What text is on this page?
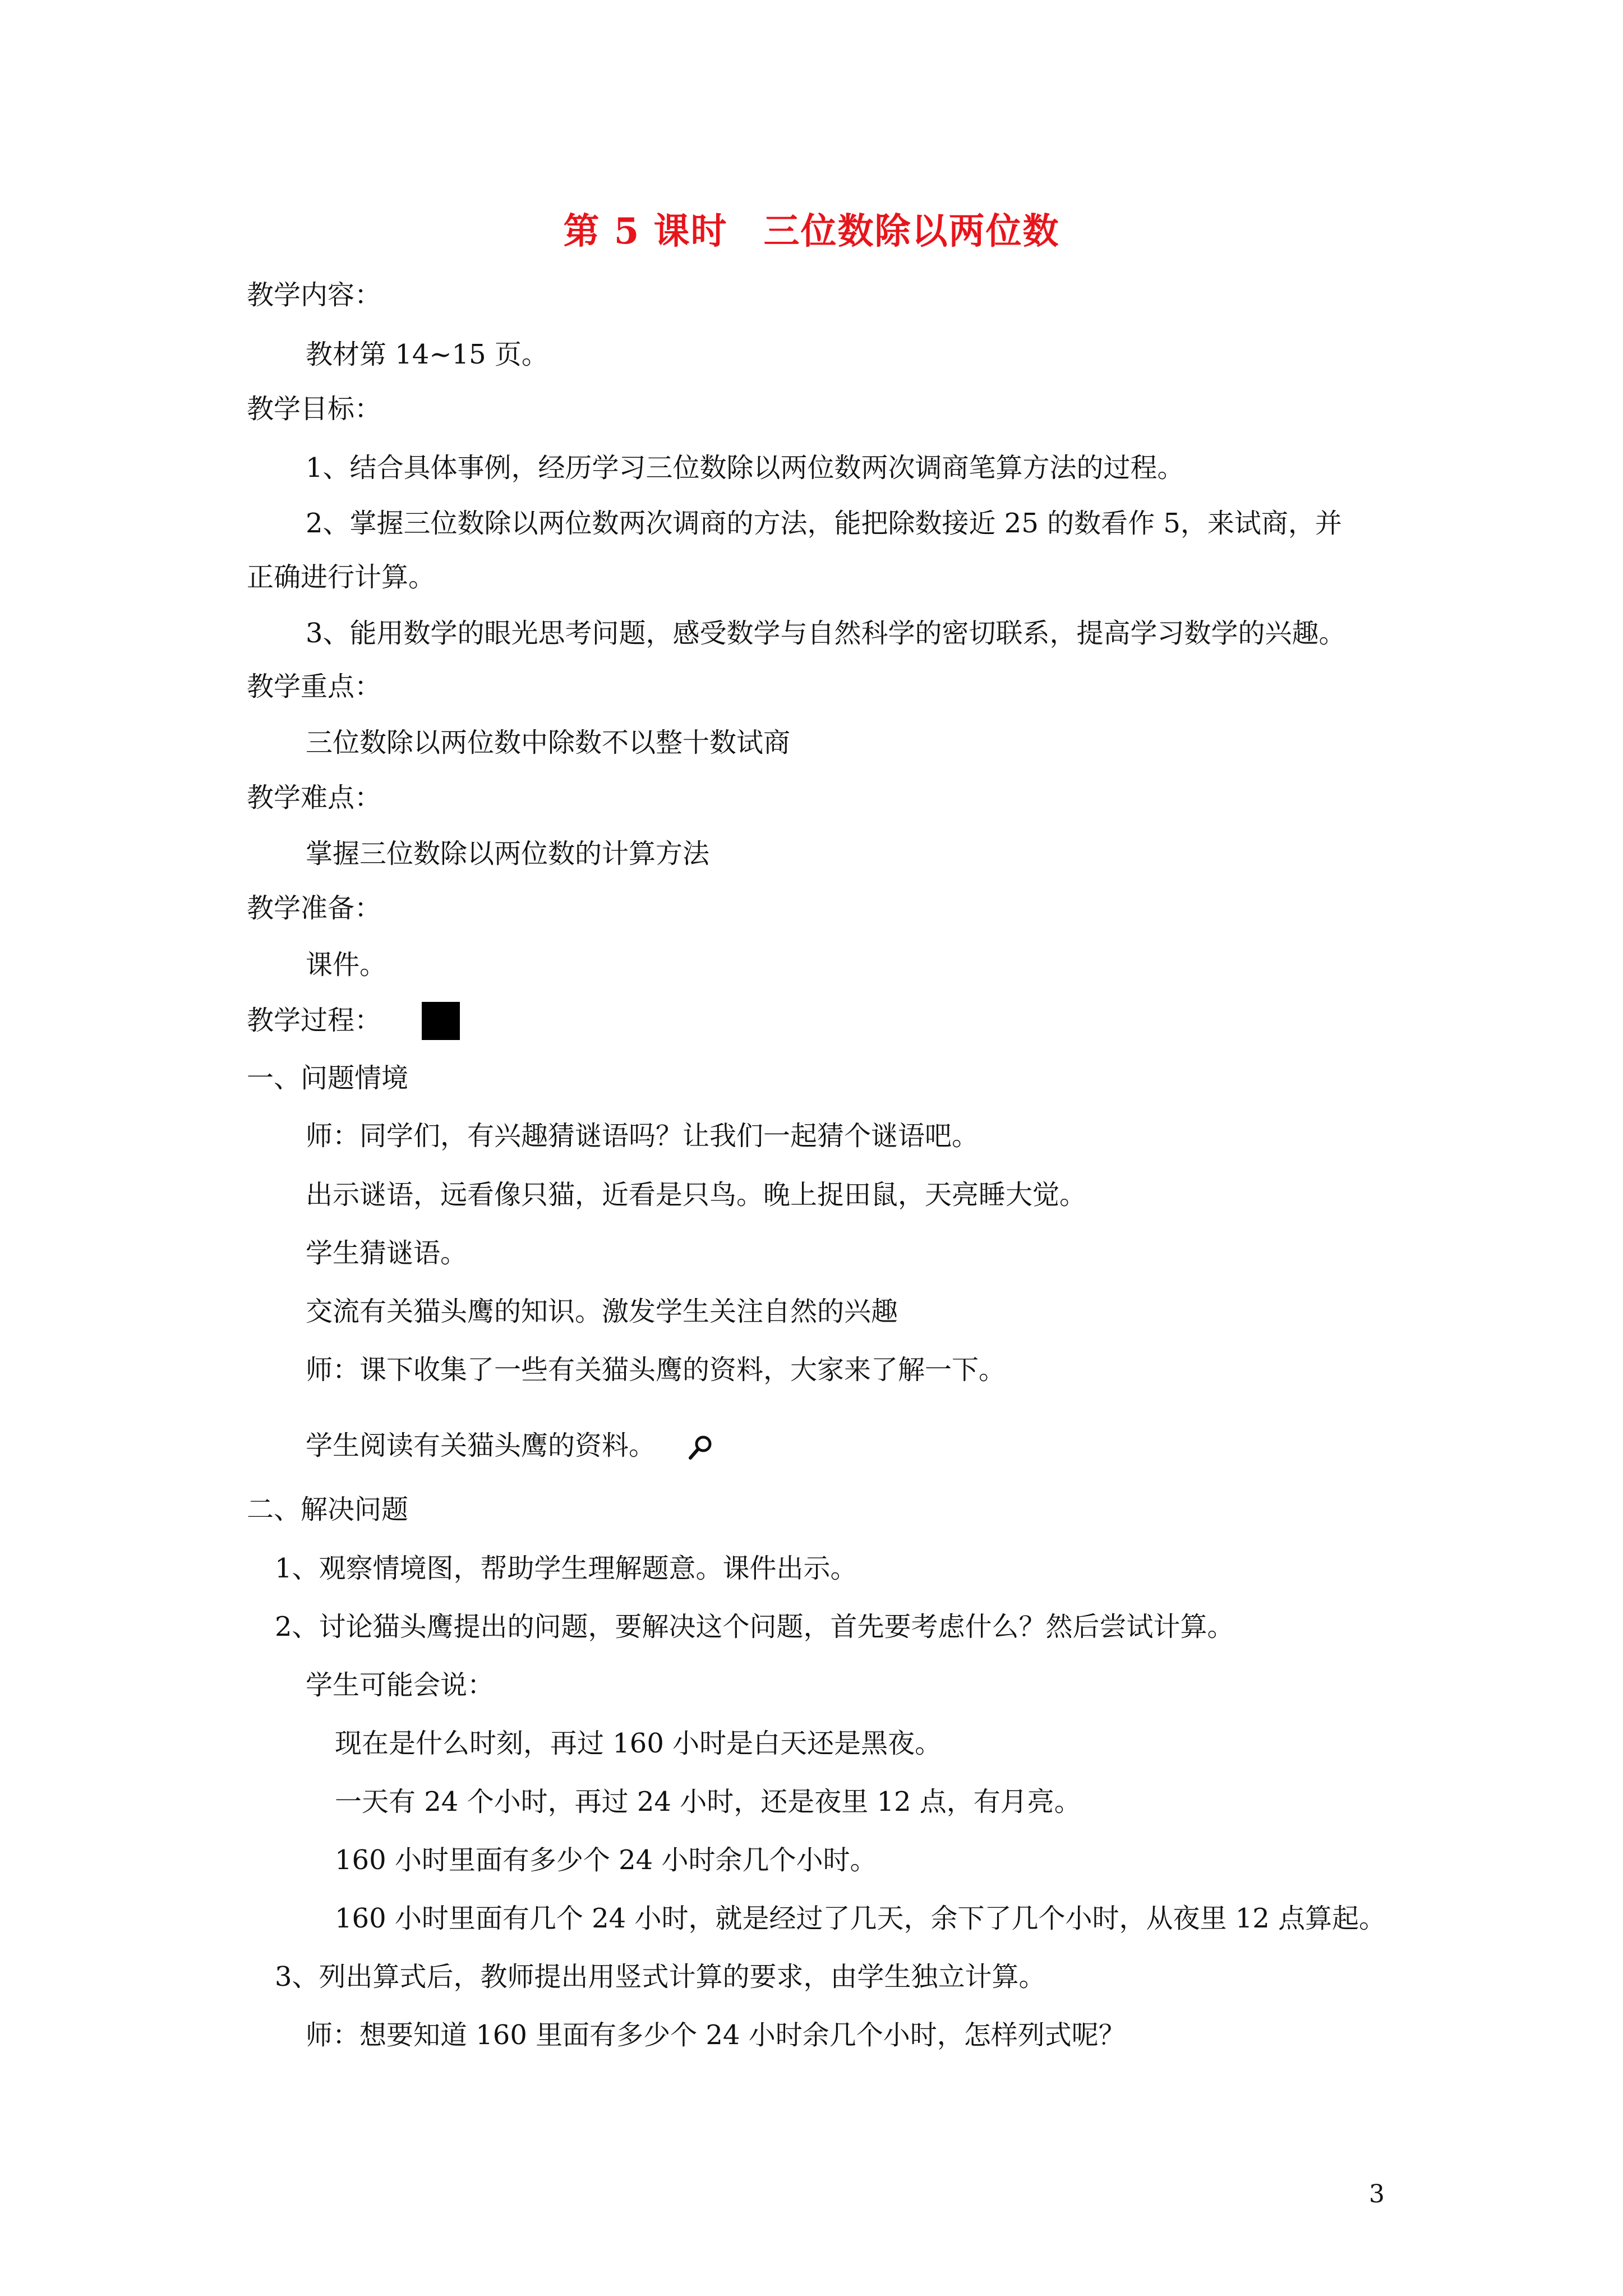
第 5 课时 三位数除以两位数
教学内容：
教材第 14~15 页。
教学目标：
1、结合具体事例，经历学习三位数除以两位数两次调商笔算方法的过程。
2、掌握三位数除以两位数两次调商的方法，能把除数接近 25 的数看作 5，来试商，并
正确进行计算。
3、能用数学的眼光思考问题，感受数学与自然科学的密切联系，提高学习数学的兴趣。
教学重点：
三位数除以两位数中除数不以整十数试商
教学难点：
掌握三位数除以两位数的计算方法
教学准备：
课件。
教学过程：
一、问题情境
师：同学们，有兴趣猜谜语吗？让我们一起猜个谜语吧。
出示谜语，远看像只猫，近看是只鸟。晚上捉田鼠，天亮睡大觉。
学生猜谜语。
交流有关猫头鹰的知识。激发学生关注自然的兴趣
师：课下收集了一些有关猫头鹰的资料，大家来了解一下。
学生阅读有关猫头鹰的资料。
二、解决问题
1、观察情境图，帮助学生理解题意。课件出示。
2、讨论猫头鹰提出的问题，要解决这个问题，首先要考虑什么？然后尝试计算。
学生可能会说：
现在是什么时刻，再过 160 小时是白天还是黑夜。
一天有 24 个小时，再过 24 小时，还是夜里 12 点，有月亮。
160 小时里面有多少个 24 小时余几个小时。
160 小时里面有几个 24 小时，就是经过了几天，余下了几个小时，从夜里 12 点算起。
3、列出算式后，教师提出用竖式计算的要求，由学生独立计算。
师：想要知道 160 里面有多少个 24 小时余几个小时，怎样列式呢？
3
